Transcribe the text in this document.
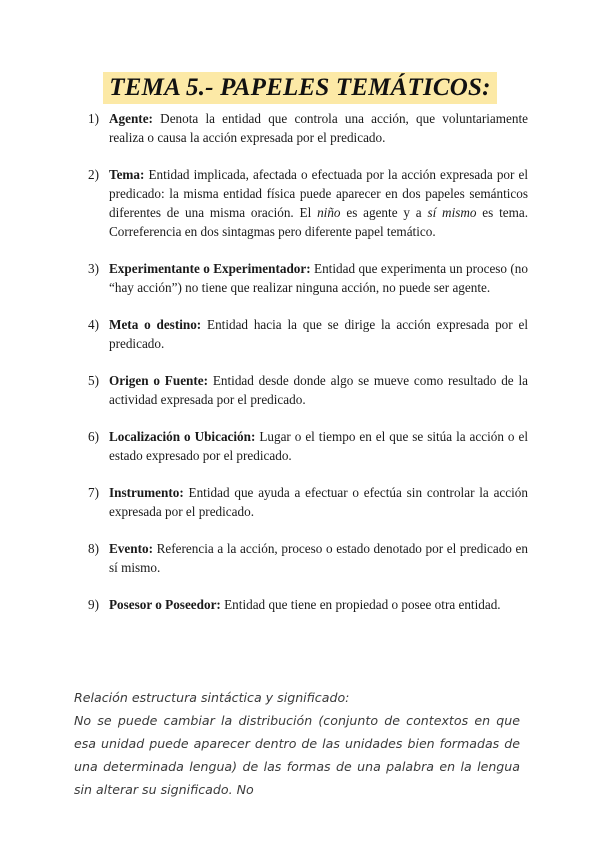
TEMA 5.- PAPELES TEMÁTICOS:
1) Agente: Denota la entidad que controla una acción, que voluntariamente realiza o causa la acción expresada por el predicado.
2) Tema: Entidad implicada, afectada o efectuada por la acción expresada por el predicado: la misma entidad física puede aparecer en dos papeles semánticos diferentes de una misma oración. El niño es agente y a sí mismo es tema. Correferencia en dos sintagmas pero diferente papel temático.
3) Experimentante o Experimentador: Entidad que experimenta un proceso (no “hay acción”) no tiene que realizar ninguna acción, no puede ser agente.
4) Meta o destino: Entidad hacia la que se dirige la acción expresada por el predicado.
5) Origen o Fuente: Entidad desde donde algo se mueve como resultado de la actividad expresada por el predicado.
6) Localización o Ubicación: Lugar o el tiempo en el que se sitúa la acción o el estado expresado por el predicado.
7) Instrumento: Entidad que ayuda a efectuar o efectúa sin controlar la acción expresada por el predicado.
8) Evento: Referencia a la acción, proceso o estado denotado por el predicado en sí mismo.
9) Posesor o Poseedor: Entidad que tiene en propiedad o posee otra entidad.
Relación estructura sintáctica y significado:
No se puede cambiar la distribución (conjunto de contextos en que esa unidad puede aparecer dentro de las unidades bien formadas de una determinada lengua) de las formas de una palabra en la lengua sin alterar su significado. No
